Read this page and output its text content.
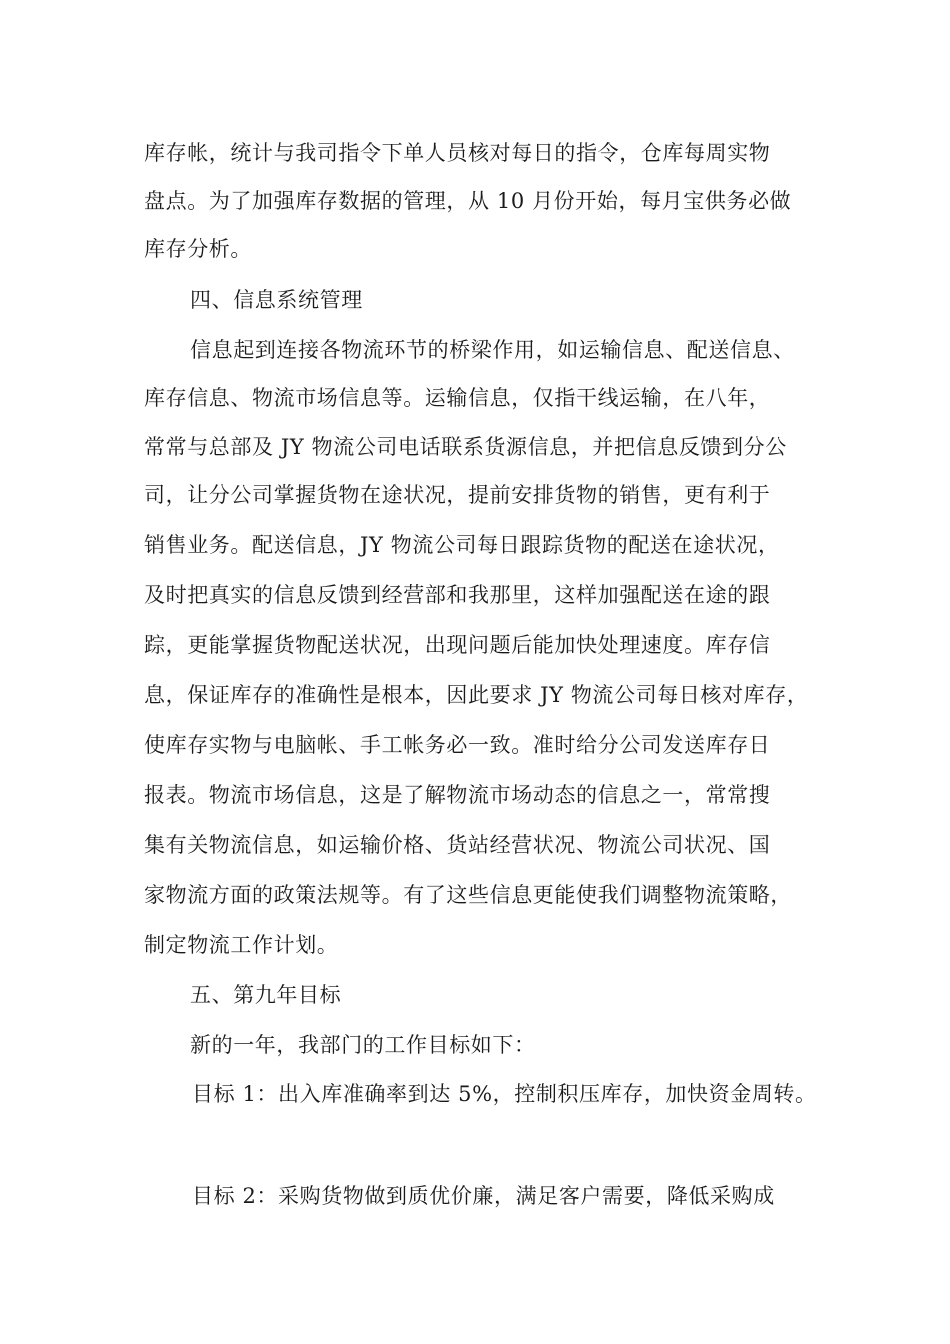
库存帐，统计与我司指令下单人员核对每日的指令，仓库每周实物
盘点。为了加强库存数据的管理，从 10 月份开始，每月宝供务必做
库存分析。
四、信息系统管理
信息起到连接各物流环节的桥梁作用，如运输信息、配送信息、
库存信息、物流市场信息等。运输信息，仅指干线运输，在八年，
常常与总部及 JY 物流公司电话联系货源信息，并把信息反馈到分公
司，让分公司掌握货物在途状况，提前安排货物的销售，更有利于
销售业务。配送信息，JY 物流公司每日跟踪货物的配送在途状况，
及时把真实的信息反馈到经营部和我那里，这样加强配送在途的跟
踪，更能掌握货物配送状况，出现问题后能加快处理速度。库存信
息，保证库存的准确性是根本，因此要求 JY 物流公司每日核对库存，
使库存实物与电脑帐、手工帐务必一致。准时给分公司发送库存日
报表。物流市场信息，这是了解物流市场动态的信息之一，常常搜
集有关物流信息，如运输价格、货站经营状况、物流公司状况、国
家物流方面的政策法规等。有了这些信息更能使我们调整物流策略，
制定物流工作计划。
五、第九年目标
新的一年，我部门的工作目标如下：
目标 1：出入库准确率到达 5%，控制积压库存，加快资金周转。
目标 2：采购货物做到质优价廉，满足客户需要，降低采购成
